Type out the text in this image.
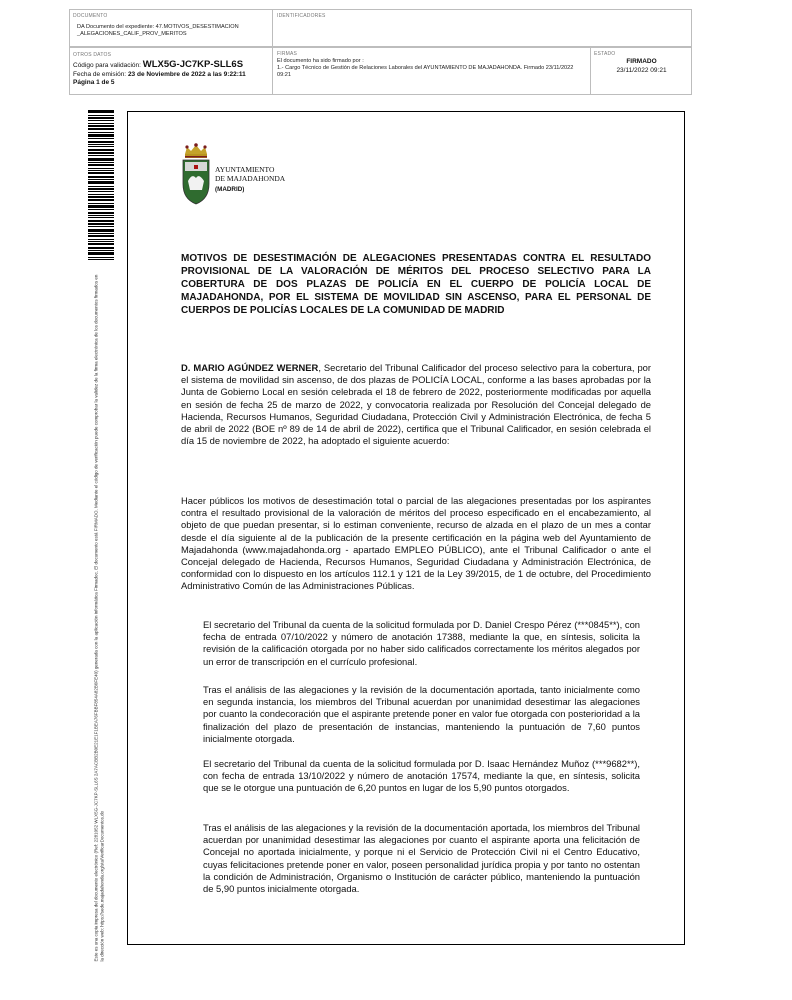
DOCUMENTO
DA Documento del expediente: 47.MOTIVOS_DESESTIMACION _ALEGACIONES_CALIF_PROV_MERITOS
IDENTIFICADORES
OTROS DATOS
Código para validación: WLX5G-JC7KP-SLL6S
Fecha de emisión: 23 de Noviembre de 2022 a las 9:22:11
Página 1 de 5
FIRMAS
El documento ha sido firmado por :
1.- Cargo Técnico de Gestión de Relaciones Laborales del AYUNTAMIENTO DE MAJADAHONDA. Firmado 23/11/2022 09:21
ESTADO
FIRMADO
23/11/2022 09:21
Este es una copia impresa del documento electrónico (Ref: 2281052 WLX5G-JC7KP-SLL6S 2A7ACBB2B0E21E1F1BEA76FBBF854A82B0FE40) generada con la aplicación informática Firmadoc. El documento está FIRMADO. Mediante el código de verificación puede comprobar la validez de la firma electrónica de los documentos firmados en la dirección web: https://sede.majadahonda.org/sta/VerificarDocumentos.do
AYUNTAMIENTO
DE MAJADAHONDA
(MADRID)
MOTIVOS DE DESESTIMACIÓN DE ALEGACIONES PRESENTADAS CONTRA EL RESULTADO PROVISIONAL DE LA VALORACIÓN DE MÉRITOS DEL PROCESO SELECTIVO PARA LA COBERTURA DE DOS PLAZAS DE POLICÍA EN EL CUERPO DE POLICÍA LOCAL DE MAJADAHONDA, POR EL SISTEMA DE MOVILIDAD SIN ASCENSO, PARA EL PERSONAL DE CUERPOS DE POLICÍAS LOCALES DE LA COMUNIDAD DE MADRID
D. MARIO AGÚNDEZ WERNER, Secretario del Tribunal Calificador del proceso selectivo para la cobertura, por el sistema de movilidad sin ascenso, de dos plazas de POLICÍA LOCAL, conforme a las bases aprobadas por la Junta de Gobierno Local en sesión celebrada el 18 de febrero de 2022, posteriormente modificadas por aquella en sesión de fecha 25 de marzo de 2022, y convocatoria realizada por Resolución del Concejal delegado de Hacienda, Recursos Humanos, Seguridad Ciudadana, Protección Civil y Administración Electrónica, de fecha 5 de abril de 2022 (BOE nº 89 de 14 de abril de 2022), certifica que el Tribunal Calificador, en sesión celebrada el día 15 de noviembre de 2022, ha adoptado el siguiente acuerdo:
Hacer públicos los motivos de desestimación total o parcial de las alegaciones presentadas por los aspirantes contra el resultado provisional de la valoración de méritos del proceso especificado en el encabezamiento, al objeto de que puedan presentar, si lo estiman conveniente, recurso de alzada en el plazo de un mes a contar desde el día siguiente al de la publicación de la presente certificación en la página web del Ayuntamiento de Majadahonda (www.majadahonda.org - apartado EMPLEO PÚBLICO), ante el Tribunal Calificador o ante el Concejal delegado de Hacienda, Recursos Humanos, Seguridad Ciudadana y Administración Electrónica, de conformidad con lo dispuesto en los artículos 112.1 y 121 de la Ley 39/2015, de 1 de octubre, del Procedimiento Administrativo Común de las Administraciones Públicas.
El secretario del Tribunal da cuenta de la solicitud formulada por D. Daniel Crespo Pérez (***0845**), con fecha de entrada 07/10/2022 y número de anotación 17388, mediante la que, en síntesis, solicita la revisión de la calificación otorgada por no haber sido calificados correctamente los méritos alegados por un error de transcripción en el currículo profesional.
Tras el análisis de las alegaciones y la revisión de la documentación aportada, tanto inicialmente como en segunda instancia, los miembros del Tribunal acuerdan por unanimidad desestimar las alegaciones por cuanto la condecoración que el aspirante pretende poner en valor fue otorgada con posterioridad a la finalización del plazo de presentación de instancias, manteniendo la puntuación de 7,60 puntos inicialmente otorgada.
El secretario del Tribunal da cuenta de la solicitud formulada por D. Isaac Hernández Muñoz (***9682**), con fecha de entrada 13/10/2022 y número de anotación 17574, mediante la que, en síntesis, solicita que se le otorgue una puntuación de 6,20 puntos en lugar de los 5,90 puntos otorgados.
Tras el análisis de las alegaciones y la revisión de la documentación aportada, los miembros del Tribunal acuerdan por unanimidad desestimar las alegaciones por cuanto el aspirante aporta una felicitación de Concejal no aportada inicialmente, y porque ni el Servicio de Protección Civil ni el Centro Educativo, cuyas felicitaciones pretende poner en valor, poseen personalidad jurídica propia y por tanto no ostentan la condición de Administración, Organismo o Institución de carácter público, manteniendo la puntuación de 5,90 puntos inicialmente otorgada.
